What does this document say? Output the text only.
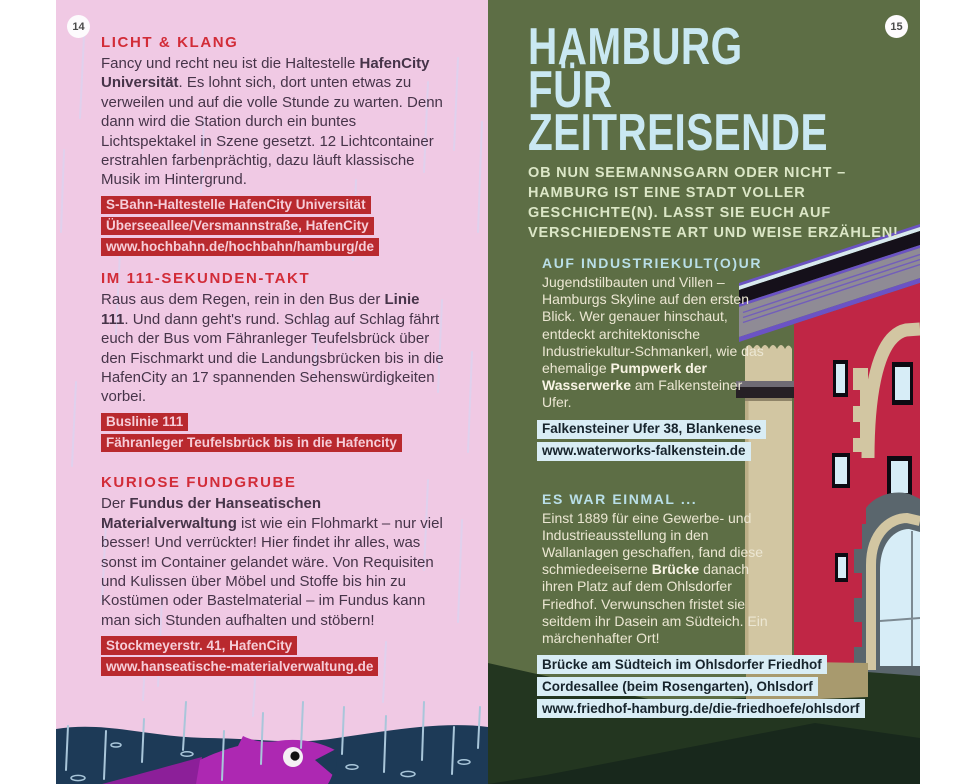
14
LICHT & KLANG

Fancy und recht neu ist die Haltestelle HafenCity Universität. Es lohnt sich, dort unten etwas zu verweilen und auf die volle Stunde zu warten. Denn dann wird die Station durch ein buntes Lichtspektakel in Szene gesetzt. 12 Lichtcontainer erstrahlen farbenprächtig, dazu läuft klassische Musik im Hintergrund.

S-Bahn-Haltestelle HafenCity Universität
Überseeallee/Versmannstraße, HafenCity
www.hochbahn.de/hochbahn/hamburg/de
IM 111-SEKUNDEN-TAKT

Raus aus dem Regen, rein in den Bus der Linie 111. Und dann geht's rund. Schlag auf Schlag fährt euch der Bus vom Fähranleger Teufelsbrück über den Fischmarkt und die Landungsbrücken bis in die HafenCity an 17 spannenden Sehenswürdigkeiten vorbei.

Buslinie 111
Fähranleger Teufelsbrück bis in die Hafencity
KURIOSE FUNDGRUBE

Der Fundus der Hanseatischen Materialverwaltung ist wie ein Flohmarkt – nur viel besser! Und verrückter! Hier findet ihr alles, was sonst im Container gelandet wäre. Von Requisiten und Kulissen über Möbel und Stoffe bis hin zu Kostümen oder Bastelmaterial – im Fundus kann man sich Stunden aufhalten und stöbern!

Stockmeyerstr. 41, HafenCity
www.hanseatische-materialverwaltung.de
15
HAMBURG FÜR
ZEITREISENDE

OB NUN SEEMANNSGARN ODER NICHT – HAMBURG IST EINE STADT VOLLER GESCHICHTE(N). LASST SIE EUCH AUF VERSCHIEDENSTE ART UND WEISE ERZÄHLEN!

AUF INDUSTRIEKULT(O)UR

Jugendstilbauten und Villen – Hamburgs Skyline auf den ersten Blick. Wer genauer hinschaut, entdeckt architektonische Industriekultur-Schmankerl, wie das ehemalige Pumpwerk der Wasserwerke am Falkensteiner Ufer.

Falkensteiner Ufer 38, Blankenese
www.waterworks-falkenstein.de
ES WAR EINMAL ...

Einst 1889 für eine Gewerbe- und Industrieausstellung in den Wallanlagen geschaffen, fand diese schmiedeeiserne Brücke danach ihren Platz auf dem Ohlsdorfer Friedhof. Verwunschen fristet sie seitdem ihr Dasein am Südteich. Ein märchenhafter Ort!

Brücke am Südteich im Ohlsdorfer Friedhof
Cordesallee (beim Rosengarten), Ohlsdorf
www.friedhof-hamburg.de/die-friedhoefe/ohlsdorf
